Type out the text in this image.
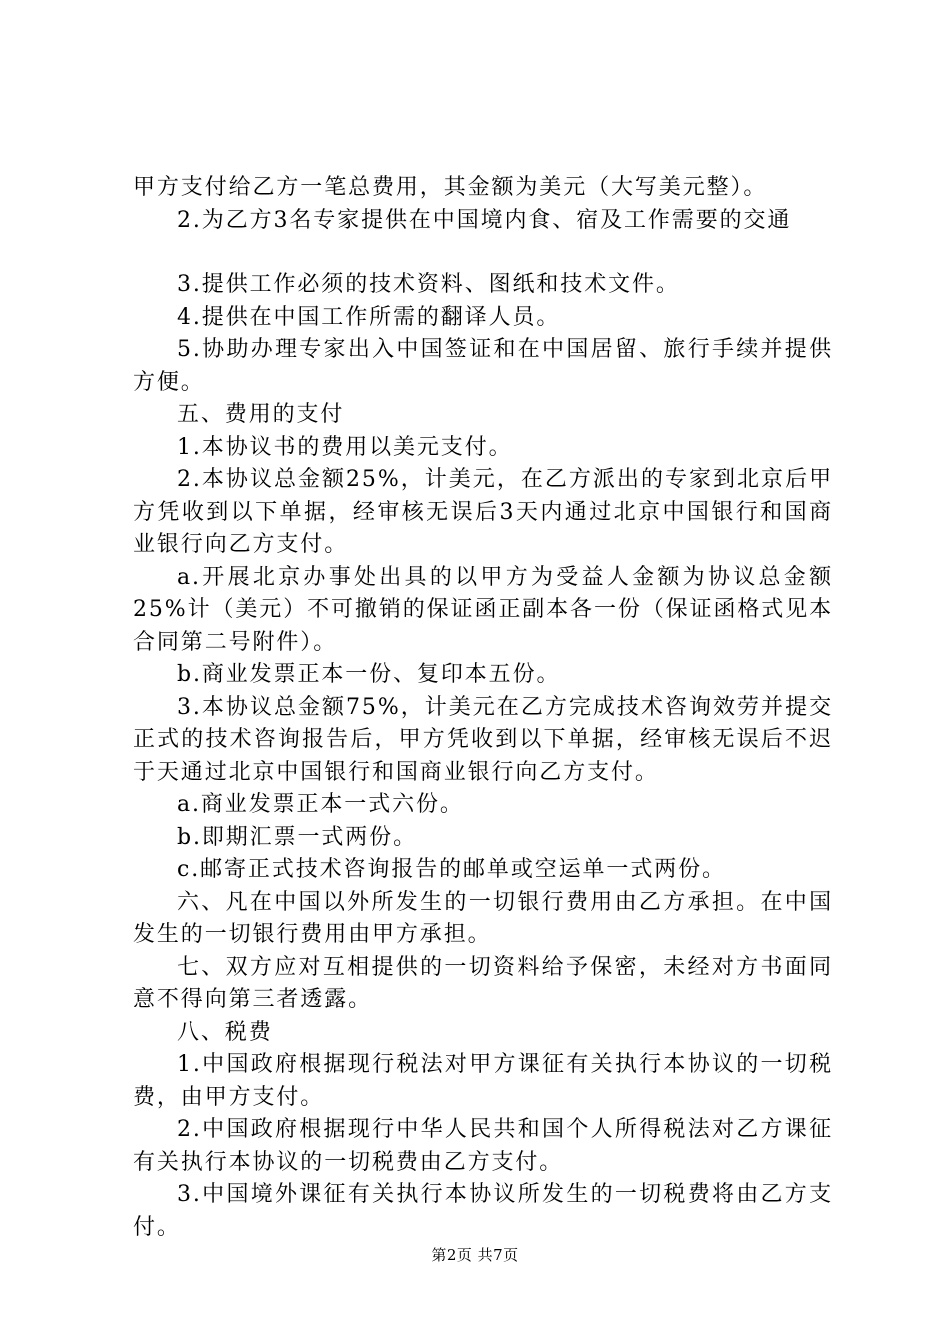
甲方支付给乙方一笔总费用，其金额为美元（大写美元整）。

2.为乙方3名专家提供在中国境内食、宿及工作需要的交通

3.提供工作必须的技术资料、图纸和技术文件。

4.提供在中国工作所需的翻译人员。

5.协助办理专家出入中国签证和在中国居留、旅行手续并提供方便。

五、费用的支付

1.本协议书的费用以美元支付。

2.本协议总金额25%，计美元，在乙方派出的专家到北京后甲方凭收到以下单据，经审核无误后3天内通过北京中国银行和国商业银行向乙方支付。

a.开展北京办事处出具的以甲方为受益人金额为协议总金额25%计（美元）不可撤销的保证函正副本各一份（保证函格式见本合同第二号附件）。

b.商业发票正本一份、复印本五份。

3.本协议总金额75%，计美元在乙方完成技术咨询效劳并提交正式的技术咨询报告后，甲方凭收到以下单据，经审核无误后不迟于天通过北京中国银行和国商业银行向乙方支付。

a.商业发票正本一式六份。

b.即期汇票一式两份。

c.邮寄正式技术咨询报告的邮单或空运单一式两份。

六、凡在中国以外所发生的一切银行费用由乙方承担。在中国发生的一切银行费用由甲方承担。

七、双方应对互相提供的一切资料给予保密，未经对方书面同意不得向第三者透露。

八、税费

1.中国政府根据现行税法对甲方课征有关执行本协议的一切税费，由甲方支付。

2.中国政府根据现行中华人民共和国个人所得税法对乙方课征有关执行本协议的一切税费由乙方支付。

3.中国境外课征有关执行本协议所发生的一切税费将由乙方支付。

第2页 共7页
